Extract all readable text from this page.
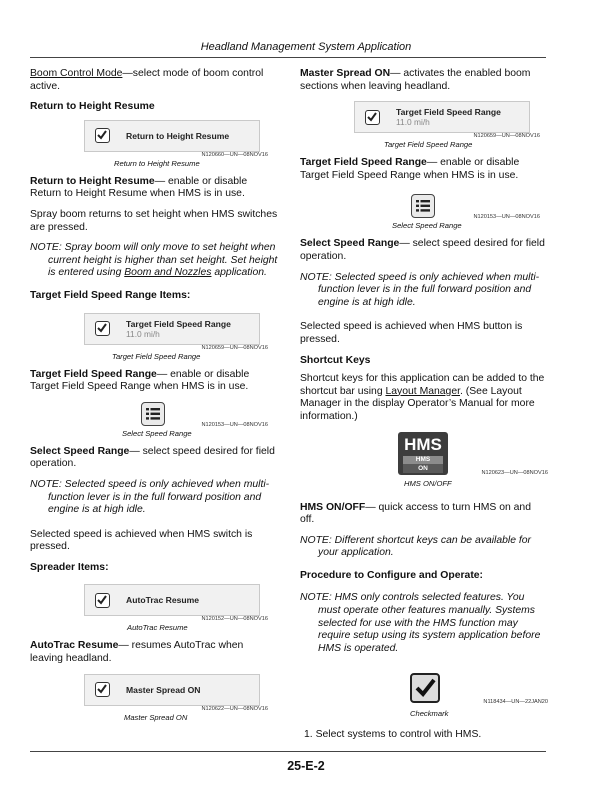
Headland Management System Application

Boom Control Mode—select mode of boom control active.

Return to Height Resume
Return to Height Resume
N120660—UN—08NOV16
Return to Height Resume

Return to Height Resume— enable or disable Return to Height Resume when HMS is in use.

Spray boom returns to set height when HMS switches are pressed.

NOTE: Spray boom will only move to set height when current height is higher than set height. Set height is entered using Boom and Nozzles application.

Target Field Speed Range Items:
Target Field Speed Range
11.0 mi/h
N120659—UN—08NOV16
Target Field Speed Range

Target Field Speed Range— enable or disable Target Field Speed Range when HMS is in use.

N120153—UN—08NOV16
Select Speed Range

Select Speed Range— select speed desired for field operation.

NOTE: Selected speed is only achieved when multi-function lever is in the full forward position and engine is at high idle.

Selected speed is achieved when HMS switch is pressed.

Spreader Items:
AutoTrac Resume
N120152—UN—08NOV16
AutoTrac Resume

AutoTrac Resume— resumes AutoTrac when leaving headland.

Master Spread ON
N120622—UN—08NOV16
Master Spread ON

Master Spread ON— activates the enabled boom sections when leaving headland.

Target Field Speed Range
11.0 mi/h
N120659—UN—08NOV16
Target Field Speed Range

Target Field Speed Range— enable or disable Target Field Speed Range when HMS is in use.

N120153—UN—08NOV16
Select Speed Range

Select Speed Range— select speed desired for field operation.

NOTE: Selected speed is only achieved when multi-function lever is in the full forward position and engine is at high idle.

Selected speed is achieved when HMS button is pressed.

Shortcut Keys

Shortcut keys for this application can be added to the shortcut bar using Layout Manager. (See Layout Manager in the display Operator’s Manual for more information.)

HMS
HMS
ON
N120623—UN—08NOV16
HMS ON/OFF

HMS ON/OFF— quick access to turn HMS on and off.

NOTE: Different shortcut keys can be available for your application.

Procedure to Configure and Operate:

NOTE: HMS only controls selected features. You must operate other features manually. Systems selected for use with the HMS function may require setup using its system application before HMS is operated.

N118434—UN—22JAN20
Checkmark

1. Select systems to control with HMS.

25-E-2
